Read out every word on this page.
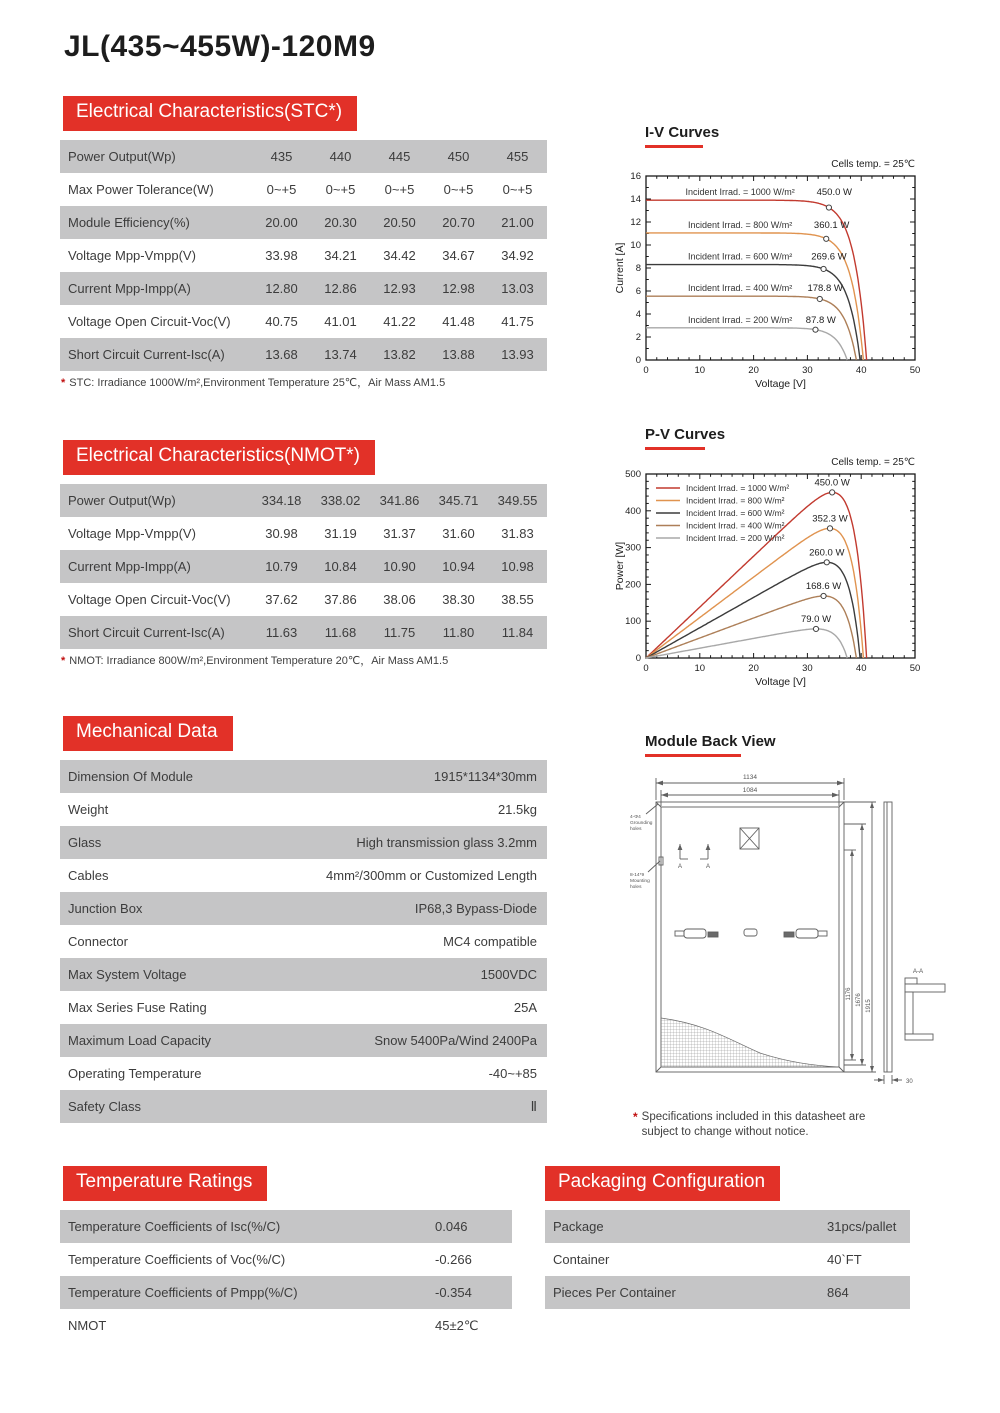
JL(435~455W)-120M9
Electrical Characteristics(STC*)
Power Output(Wp)	435	440	445	450	455
Max Power Tolerance(W)	0~+5	0~+5	0~+5	0~+5	0~+5
Module Efficiency(%)	20.00	20.30	20.50	20.70	21.00
Voltage Mpp-Vmpp(V)	33.98	34.21	34.42	34.67	34.92
Current Mpp-Impp(A)	12.80	12.86	12.93	12.98	13.03
Voltage Open Circuit-Voc(V)	40.75	41.01	41.22	41.48	41.75
Short Circuit Current-Isc(A)	13.68	13.74	13.82	13.88	13.93
* STC: Irradiance 1000W/m²,Environment Temperature 25℃，Air Mass AM1.5
Electrical Characteristics(NMOT*)
Power Output(Wp)	334.18	338.02	341.86	345.71	349.55
Voltage Mpp-Vmpp(V)	30.98	31.19	31.37	31.60	31.83
Current Mpp-Impp(A)	10.79	10.84	10.90	10.94	10.98
Voltage Open Circuit-Voc(V)	37.62	37.86	38.06	38.30	38.55
Short Circuit Current-Isc(A)	11.63	11.68	11.75	11.80	11.84
* NMOT: Irradiance 800W/m²,Environment Temperature 20℃，Air Mass AM1.5
Mechanical Data
Dimension Of Module	1915*1134*30mm
Weight	21.5kg
Glass	High transmission glass 3.2mm
Cables	4mm²/300mm or Customized Length
Junction Box	IP68,3 Bypass-Diode
Connector	MC4 compatible
Max System Voltage	1500VDC
Max Series Fuse Rating	25A
Maximum Load Capacity	Snow 5400Pa/Wind 2400Pa
Operating Temperature	-40~+85
Safety Class	Ⅱ
Temperature Ratings
Temperature Coefficients of Isc(%/C)	0.046
Temperature Coefficients of Voc(%/C)	-0.266
Temperature Coefficients of Pmpp(%/C)	-0.354
NMOT	45±2℃
Packaging Configuration
Package	31pcs/pallet
Container	40`FT
Pieces Per Container	864
I-V Curves
Cells temp. = 25℃
0	10	20	30	40	50
0
2
4
6
8
10
12
14
16
Voltage [V]
Current [A]
Incident Irrad. = 1000 W/m² 450.0 W
Incident Irrad. = 800 W/m² 360.1 W
Incident Irrad. = 600 W/m² 269.6 W
Incident Irrad. = 400 W/m² 178.8 W
Incident Irrad. = 200 W/m² 87.8 W
P-V Curves
Cells temp. = 25℃
0	10	20	30	40	50
0
100
200
300
400
500
Voltage [V]
Power [W]
450.0 W
352.3 W
260.0 W
168.6 W
79.0 W
Incident Irrad. = 1000 W/m²
Incident Irrad. = 800 W/m²
Incident Irrad. = 600 W/m²
Incident Irrad. = 400 W/m²
Incident Irrad. = 200 W/m²
Module Back View
1134
1084
4-Φ4
Grounding
holes
A	A
8-14*9
Mounting
holes
1176 1676 1915
30
A-A
* Specifications included in this datasheet are subject to change without notice.
